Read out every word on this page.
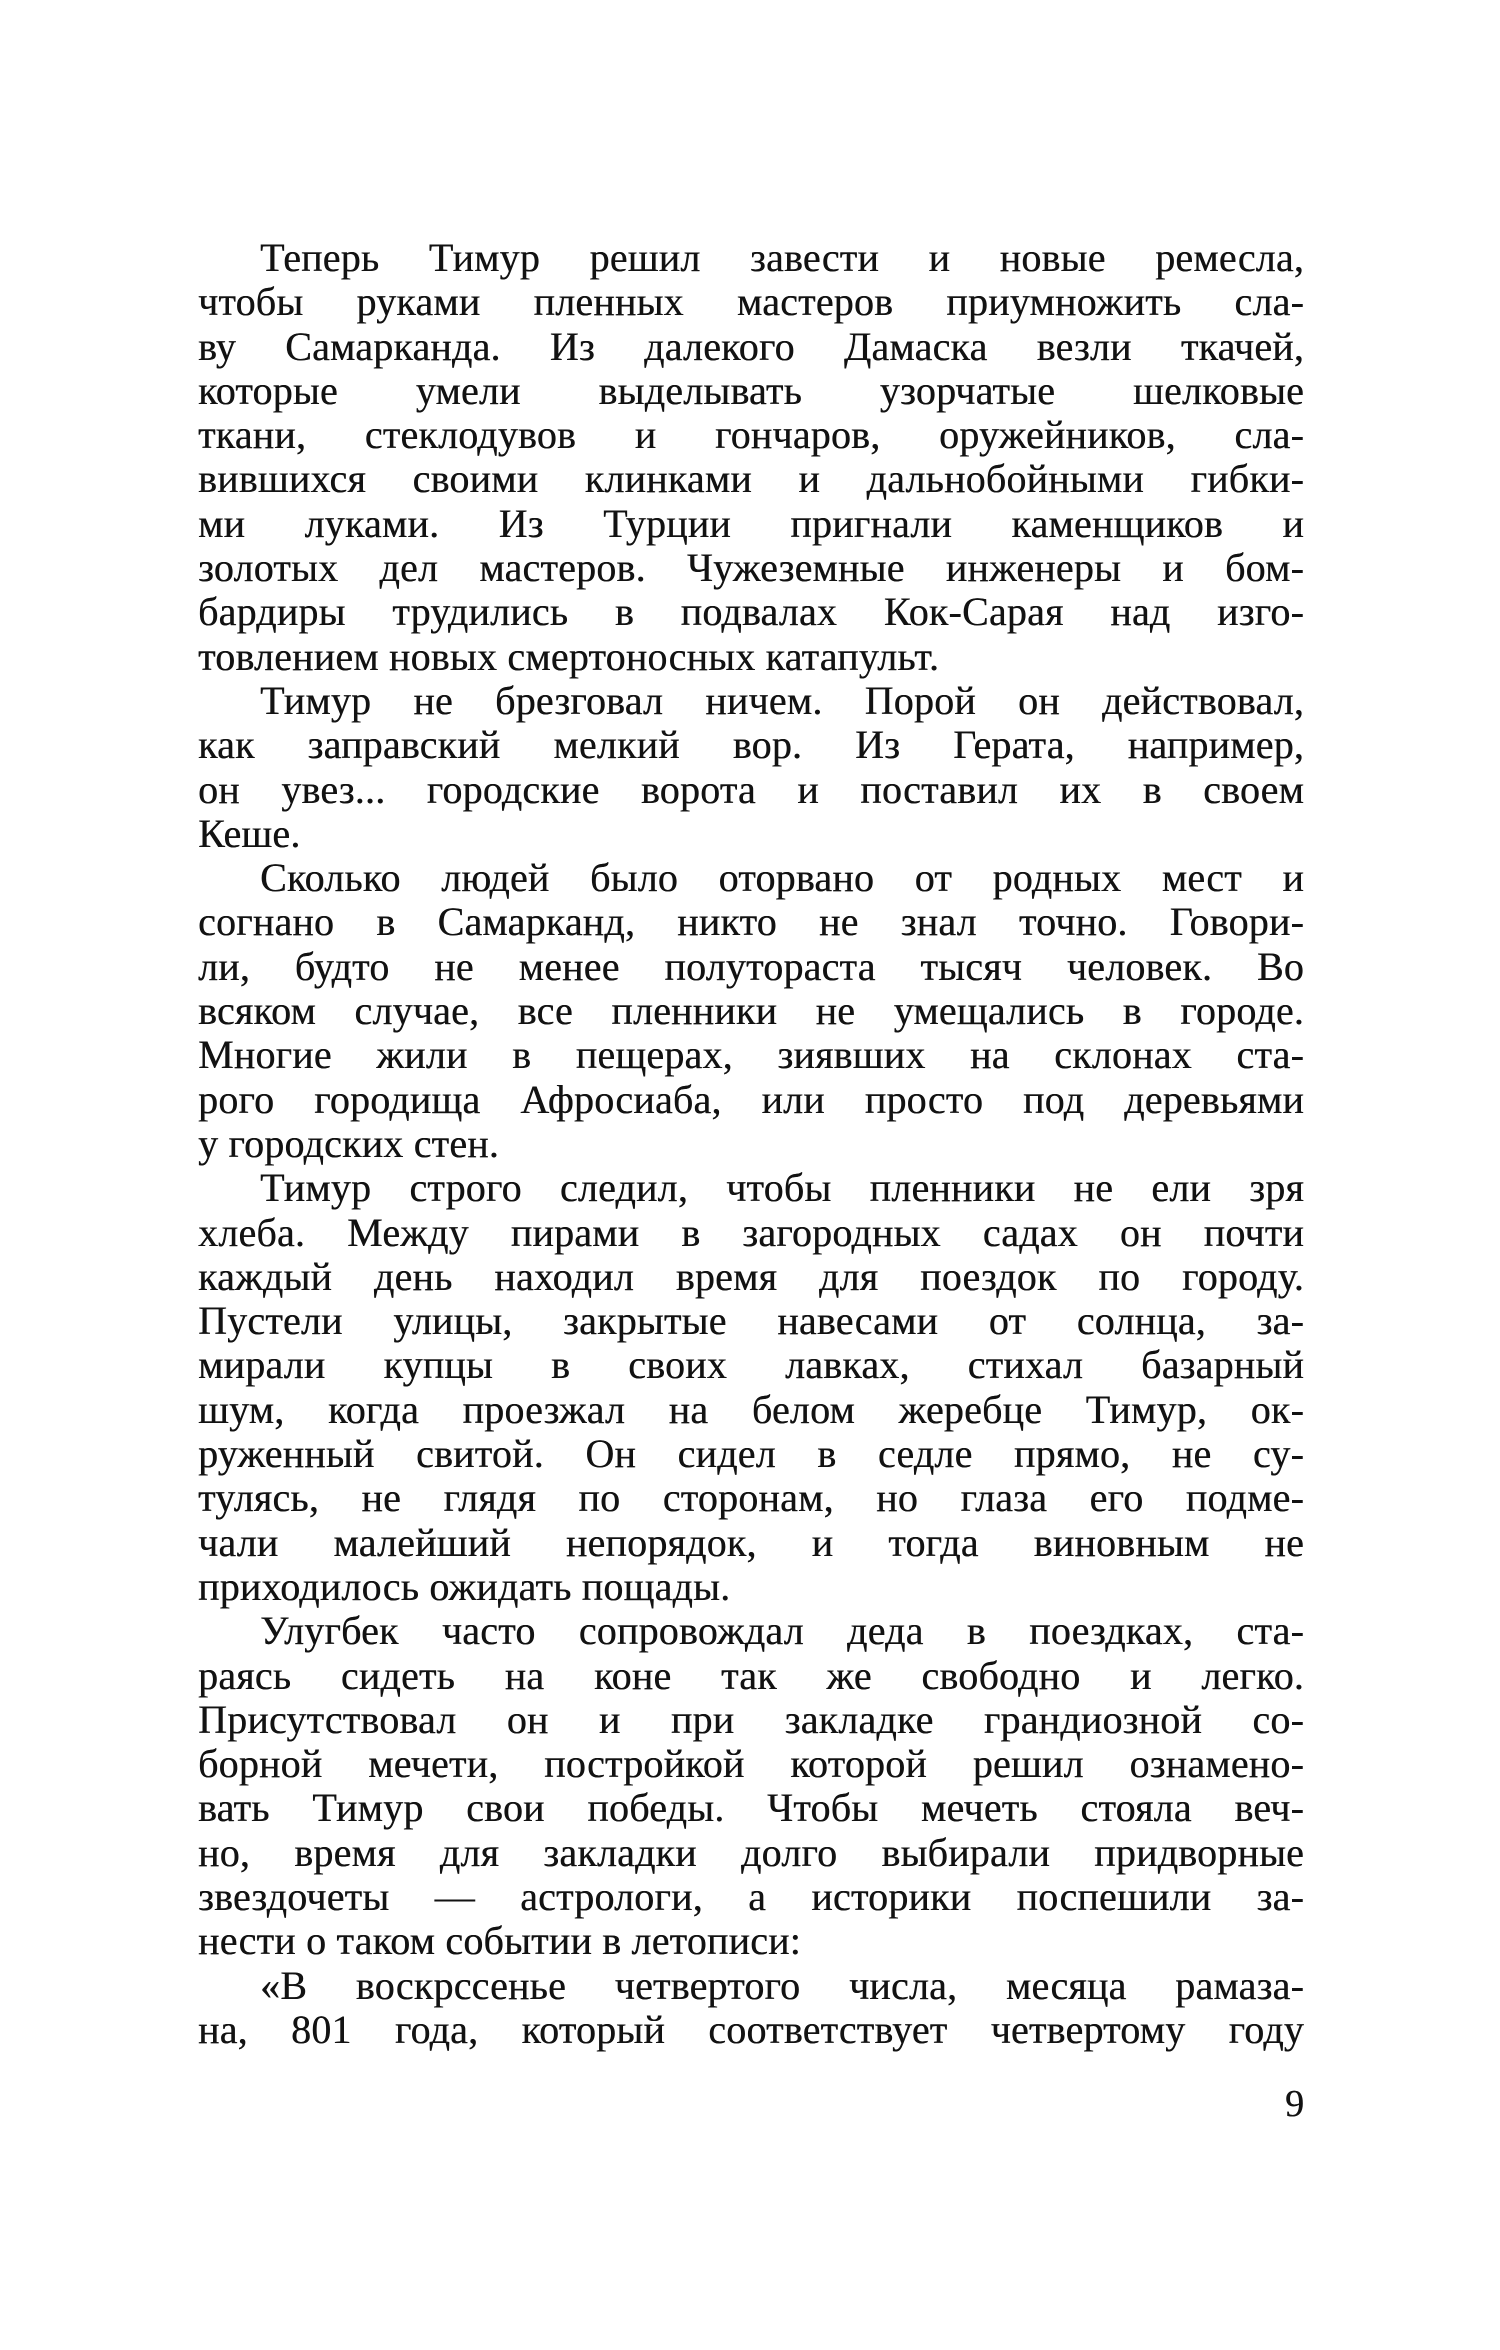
Теперь Тимур решил завести и новые ремесла,
чтобы руками пленных мастеров приумножить сла-
ву Самарканда. Из далекого Дамаска везли ткачей,
которые умели выделывать узорчатые шелковые
ткани, стеклодувов и гончаров, оружейников, сла-
вившихся своими клинками и дальнобойными гибки-
ми луками. Из Турции пригнали каменщиков и
золотых дел мастеров. Чужеземные инженеры и бом-
бардиры трудились в подвалах Кок-Сарая над изго-
товлением новых смертоносных катапульт.
Тимур не брезговал ничем. Порой он действовал,
как заправский мелкий вор. Из Герата, например,
он увез... городские ворота и поставил их в своем
Кеше.
Сколько людей было оторвано от родных мест и
согнано в Самарканд, никто не знал точно. Говори-
ли, будто не менее полутораста тысяч человек. Во
всяком случае, все пленники не умещались в городе.
Многие жили в пещерах, зиявших на склонах ста-
рого городища Афросиаба, или просто под деревьями
у городских стен.
Тимур строго следил, чтобы пленники не ели зря
хлеба. Между пирами в загородных садах он почти
каждый день находил время для поездок по городу.
Пустели улицы, закрытые навесами от солнца, за-
мирали купцы в своих лавках, стихал базарный
шум, когда проезжал на белом жеребце Тимур, ок-
руженный свитой. Он сидел в седле прямо, не су-
тулясь, не глядя по сторонам, но глаза его подме-
чали малейший непорядок, и тогда виновным не
приходилось ожидать пощады.
Улугбек часто сопровождал деда в поездках, ста-
раясь сидеть на коне так же свободно и легко.
Присутствовал он и при закладке грандиозной со-
борной мечети, постройкой которой решил ознамено-
вать Тимур свои победы. Чтобы мечеть стояла веч-
но, время для закладки долго выбирали придворные
звездочеты — астрологи, а историки поспешили за-
нести о таком событии в летописи:
«В воскрссенье четвертого числа, месяца рамаза-
на, 801 года, который соответствует четвертому году
9
